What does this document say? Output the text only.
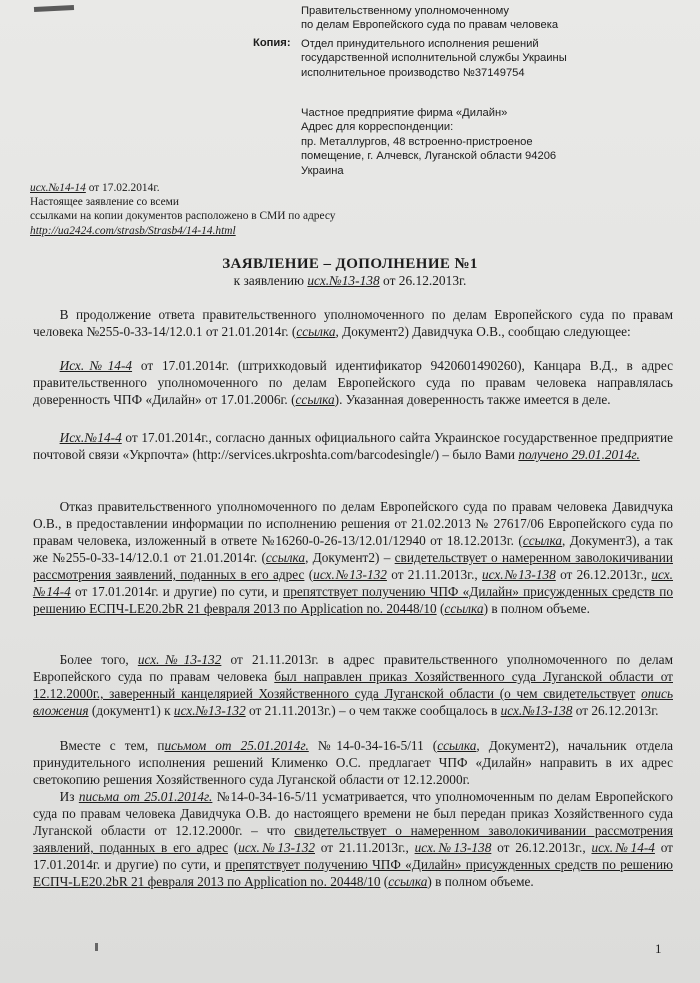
Правительственному уполномоченному
по делам Европейского суда по правам человека
Копия: Отдел принудительного исполнения решений
государственной исполнительной службы Украины
исполнительное производство №37149754
Частное предприятие фирма «Дилайн»
Адрес для корреспонденции:
пр. Металлургов, 48 встроенно-пристроеное
помещение, г. Алчевск, Луганской области 94206
Украина
исх.№14-14 от 17.02.2014г.
Настоящее заявление со всеми
ссылками на копии документов расположено в СМИ по адресу
http://ua2424.com/strasb/Strasb4/14-14.html
ЗАЯВЛЕНИЕ – ДОПОЛНЕНИЕ №1
к заявлению исх.№13-138 от 26.12.2013г.
  В продолжение ответа правительственного уполномоченного по делам Европейского суда по правам человека №255-0-33-14/12.0.1 от 21.01.2014г. (ссылка, Документ2) Давидчука О.В., сообщаю следующее:
  Исх.№14-4 от 17.01.2014г. (штрихкодовый идентификатор 9420601490260), Канцара В.Д., в адрес правительственного уполномоченного по делам Европейского суда по правам человека направлялась доверенность ЧПФ «Дилайн» от 17.01.2006г. (ссылка). Указанная доверенность также имеется в деле.
  Исх.№14-4 от 17.01.2014г., согласно данных официального сайта Украинское государственное предприятие почтовой связи «Укрпочта» (http://services.ukrposhta.com/barcodesingle/) – было Вами получено 29.01.2014г.
  Отказ правительственного уполномоченного по делам Европейского суда по правам человека Давидчука О.В., в предоставлении информации по исполнению решения от 21.02.2013 № 27617/06 Европейского суда по правам человека, изложенный в ответе №16260-0-26-13/12.01/12940 от 18.12.2013г. (ссылка, Документ3), а так же №255-0-33-14/12.0.1 от 21.01.2014г. (ссылка, Документ2) – свидетельствует о намеренном заволокичивании рассмотрения заявлений, поданных в его адрес (исх.№13-132 от 21.11.2013г., исх.№13-138 от 26.12.2013г., исх.№14-4 от 17.01.2014г. и другие) по сути, и препятствует получению ЧПФ «Дилайн» присужденных средств по решению ЕСПЧ-LE20.2bR 21 февраля 2013 по Application no. 20448/10 (ссылка) в полном объеме.
  Более того, исх.№13-132 от 21.11.2013г. в адрес правительственного уполномоченного по делам Европейского суда по правам человека был направлен приказ Хозяйственного суда Луганской области от 12.12.2000г., заверенный канцелярией Хозяйственного суда Луганской области (о чем свидетельствует опись вложения (документ1) к исх.№13-132 от 21.11.2013г.) – о чем также сообщалось в исх.№13-138 от 26.12.2013г.
  Вместе с тем, письмом от 25.01.2014г. №14-0-34-16-5/11 (ссылка, Документ2), начальник отдела принудительного исполнения решений Клименко О.С. предлагает ЧПФ «Дилайн» направить в их адрес светокопию решения Хозяйственного суда Луганской области от 12.12.2000г.
  Из письма от 25.01.2014г. №14-0-34-16-5/11 усматривается, что уполномоченным по делам Европейского суда по правам человека Давидчука О.В. до настоящего времени не был передан приказ Хозяйственного суда Луганской области от 12.12.2000г. – что свидетельствует о намеренном заволокичивании рассмотрения заявлений, поданных в его адрес (исх.№13-132 от 21.11.2013г., исх.№13-138 от 26.12.2013г., исх.№14-4 от 17.01.2014г. и другие) по сути, и препятствует получению ЧПФ «Дилайн» присужденных средств по решению ЕСПЧ-LE20.2bR 21 февраля 2013 по Application no. 20448/10 (ссылка) в полном объеме.
1
